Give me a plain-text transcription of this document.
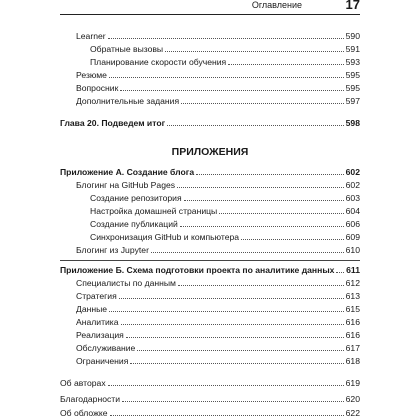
Оглавление	17
Learner	590
Обратные вызовы	591
Планирование скорости обучения	593
Резюме	595
Вопросник	595
Дополнительные задания	597
Глава 20. Подведем итог	598
ПРИЛОЖЕНИЯ
Приложение А. Создание блога	602
Блогинг на GitHub Pages	602
Создание репозитория	603
Настройка домашней страницы	604
Создание публикаций	606
Синхронизация GitHub и компьютера	609
Блогинг из Jupyter	610
Приложение Б. Схема подготовки проекта по аналитике данных 611
Специалисты по данным	612
Стратегия	613
Данные	615
Аналитика	616
Реализация	616
Обслуживание	617
Ограничения	618
Об авторах	619
Благодарности	620
Об обложке	622
